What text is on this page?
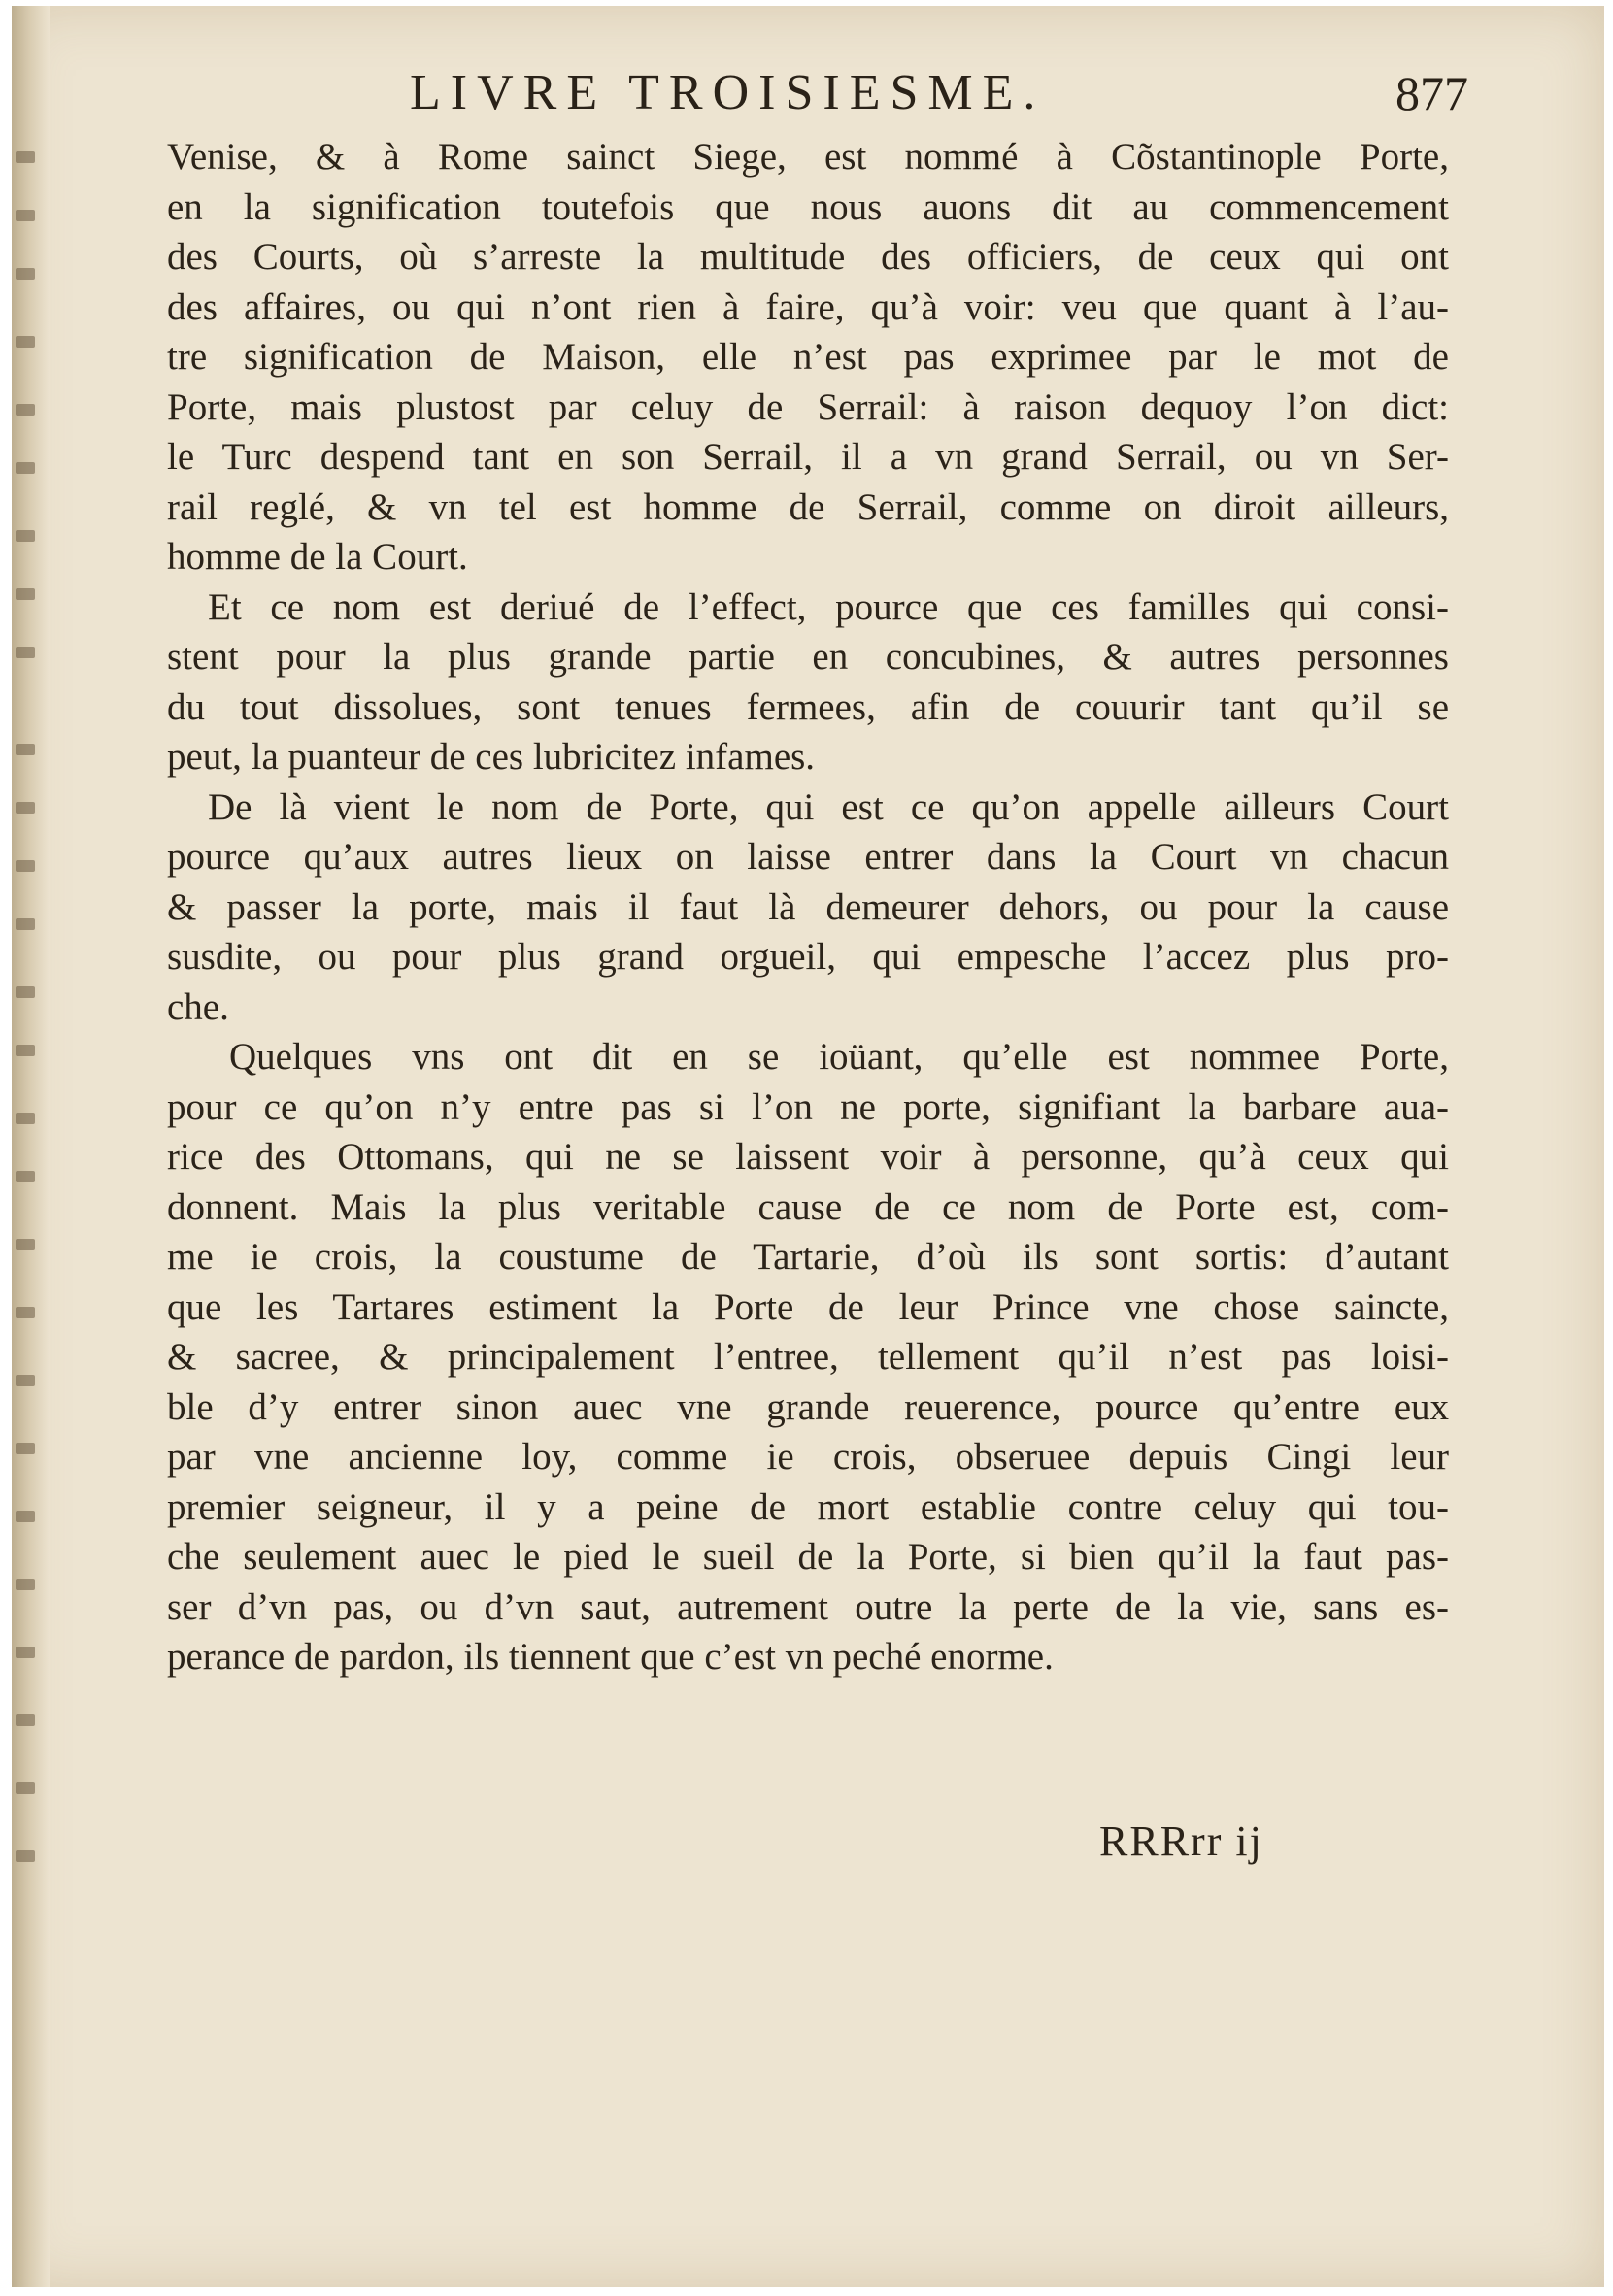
LIVRE TROISIESME.	877
Venise, & à Rome sainct Siege, est nommé à Cõstantinople Porte,
en la signification toutefois que nous auons dit au commencement
des Courts, où s’arreste la multitude des officiers, de ceux qui ont
des affaires, ou qui n’ont rien à faire, qu’à voir: veu que quant à l’au-
tre signification de Maison, elle n’est pas exprimee par le mot de
Porte, mais plustost par celuy de Serrail: à raison dequoy l’on dict:
le Turc despend tant en son Serrail, il a vn grand Serrail, ou vn Ser-
rail reglé, & vn tel est homme de Serrail, comme on diroit ailleurs,
homme de la Court.
Et ce nom est deriué de l’effect, pource que ces familles qui consi-
stent pour la plus grande partie en concubines, & autres personnes
du tout dissolues, sont tenues fermees, afin de couurir tant qu’il se
peut, la puanteur de ces lubricitez infames.
De là vient le nom de Porte, qui est ce qu’on appelle ailleurs Court
pource qu’aux autres lieux on laisse entrer dans la Court vn chacun
& passer la porte, mais il faut là demeurer dehors, ou pour la cause
susdite, ou pour plus grand orgueil, qui empesche l’accez plus pro-
che.
Quelques vns ont dit en se ioüant, qu’elle est nommee Porte,
pour ce qu’on n’y entre pas si l’on ne porte, signifiant la barbare aua-
rice des Ottomans, qui ne se laissent voir à personne, qu’à ceux qui
donnent. Mais la plus veritable cause de ce nom de Porte est, com-
me ie crois, la coustume de Tartarie, d’où ils sont sortis: d’autant
que les Tartares estiment la Porte de leur Prince vne chose saincte,
& sacree, & principalement l’entree, tellement qu’il n’est pas loisi-
ble d’y entrer sinon auec vne grande reuerence, pource qu’entre eux
par vne ancienne loy, comme ie crois, obseruee depuis Cingi leur
premier seigneur, il y a peine de mort establie contre celuy qui tou-
che seulement auec le pied le sueil de la Porte, si bien qu’il la faut pas-
ser d’vn pas, ou d’vn saut, autrement outre la perte de la vie, sans es-
perance de pardon, ils tiennent que c’est vn peché enorme.
RRRrr ij
